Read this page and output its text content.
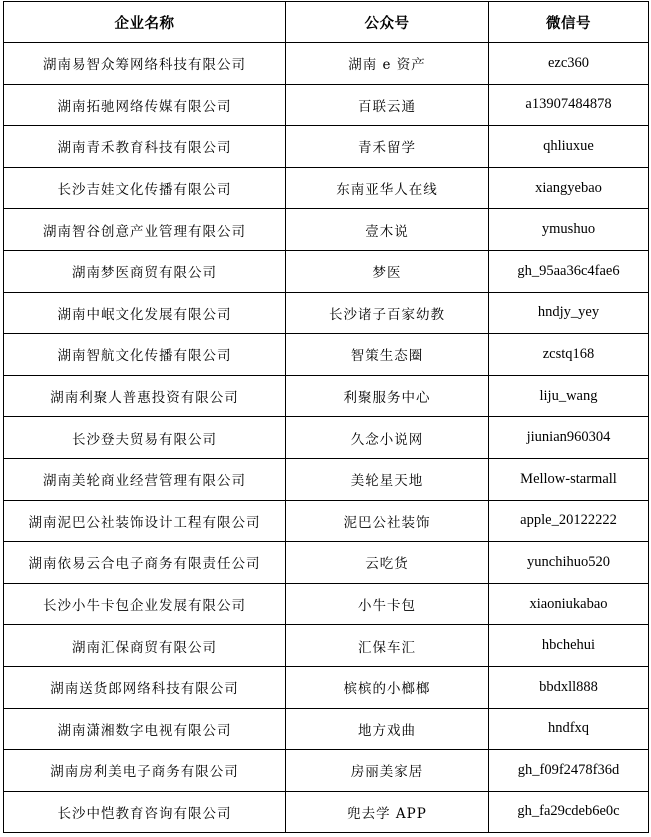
企业名称	公众号	微信号
湖南易智众筹网络科技有限公司	湖南 e 资产	ezc360
湖南拓驰网络传媒有限公司	百联云通	a13907484878
湖南青禾教育科技有限公司	青禾留学	qhliuxue
长沙吉娃文化传播有限公司	东南亚华人在线	xiangyebao
湖南智谷创意产业管理有限公司	壹木说	ymushuo
湖南梦医商贸有限公司	梦医	gh_95aa36c4fae6
湖南中岷文化发展有限公司	长沙诸子百家幼教	hndjy_yey
湖南智航文化传播有限公司	智策生态圈	zcstq168
湖南利聚人普惠投资有限公司	利聚服务中心	liju_wang
长沙登夫贸易有限公司	久念小说网	jiunian960304
湖南美轮商业经营管理有限公司	美轮星天地	Mellow-starmall
湖南泥巴公社装饰设计工程有限公司	泥巴公社装饰	apple_20122222
湖南依易云合电子商务有限责任公司	云吃货	yunchihuo520
长沙小牛卡包企业发展有限公司	小牛卡包	xiaoniukabao
湖南汇保商贸有限公司	汇保车汇	hbchehui
湖南送货郎网络科技有限公司	槟槟的小榔榔	bbdxll888
湖南潇湘数字电视有限公司	地方戏曲	hndfxq
湖南房利美电子商务有限公司	房丽美家居	gh_f09f2478f36d
长沙中恺教育咨询有限公司	兜去学 APP	gh_fa29cdeb6e0c
